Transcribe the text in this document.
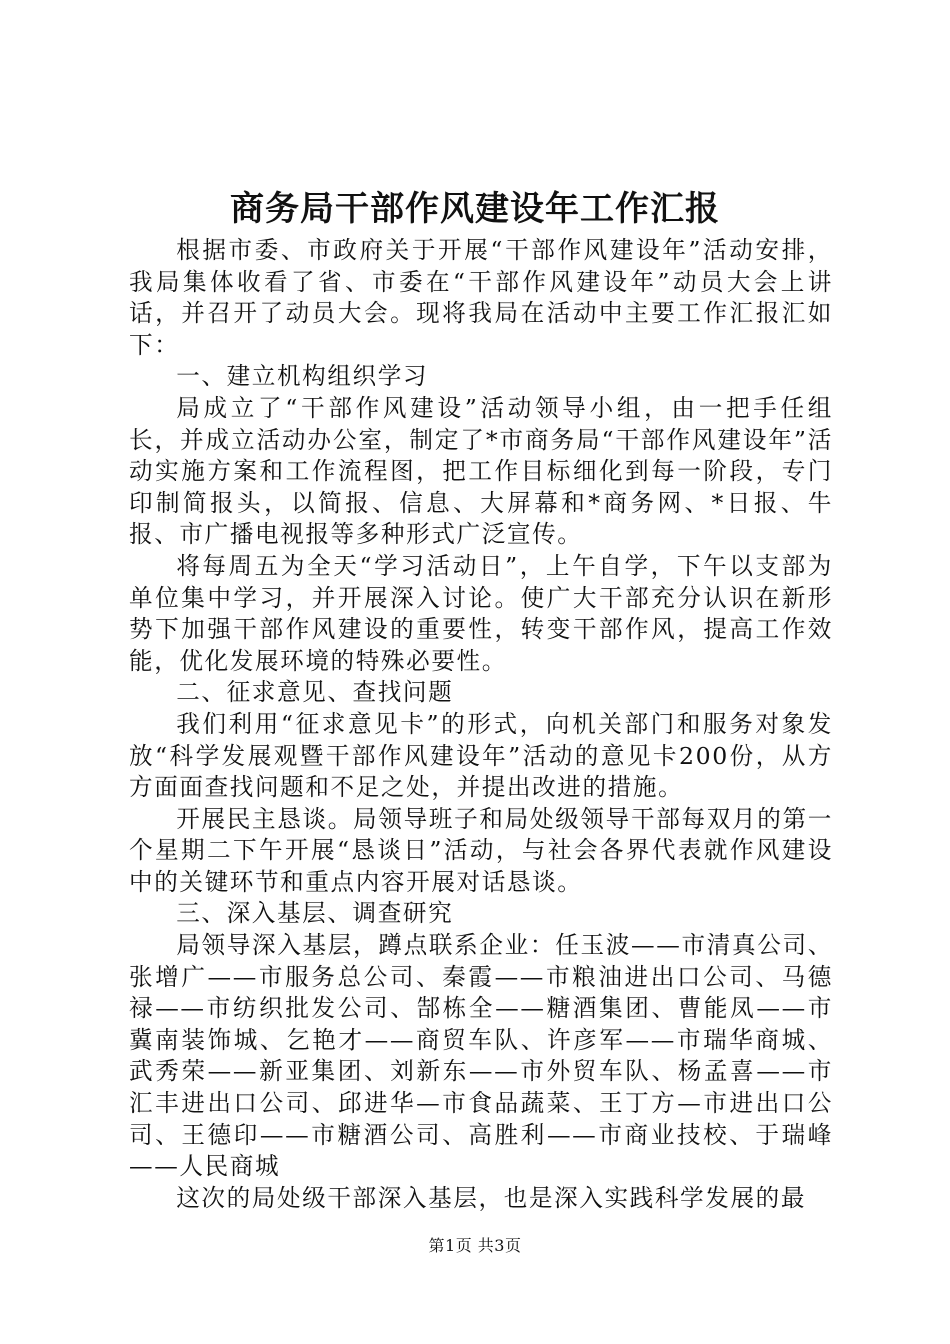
商务局干部作风建设年工作汇报

根据市委、市政府关于开展“干部作风建设年”活动安排，我局集体收看了省、市委在“干部作风建设年”动员大会上讲话，并召开了动员大会。现将我局在活动中主要工作汇报汇如下：

一、建立机构组织学习

局成立了“干部作风建设”活动领导小组，由一把手任组长，并成立活动办公室，制定了*市商务局“干部作风建设年”活动实施方案和工作流程图，把工作目标细化到每一阶段，专门印制简报头，以简报、信息、大屏幕和*商务网、*日报、牛报、市广播电视报等多种形式广泛宣传。

将每周五为全天“学习活动日”，上午自学，下午以支部为单位集中学习，并开展深入讨论。使广大干部充分认识在新形势下加强干部作风建设的重要性，转变干部作风，提高工作效能，优化发展环境的特殊必要性。

二、征求意见、查找问题

我们利用“征求意见卡”的形式，向机关部门和服务对象发放“科学发展观暨干部作风建设年”活动的意见卡200份，从方方面面查找问题和不足之处，并提出改进的措施。

开展民主恳谈。局领导班子和局处级领导干部每双月的第一个星期二下午开展“恳谈日”活动，与社会各界代表就作风建设中的关键环节和重点内容开展对话恳谈。

三、深入基层、调查研究

局领导深入基层，蹲点联系企业：任玉波——市清真公司、张增广——市服务总公司、秦霞——市粮油进出口公司、马德禄——市纺织批发公司、郜栋全——糖酒集团、曹能凤——市冀南装饰城、乞艳才——商贸车队、许彦军——市瑞华商城、武秀荣——新亚集团、刘新东——市外贸车队、杨孟喜——市汇丰进出口公司、邱进华—市食品蔬菜、王丁方—市进出口公司、王德印——市糖酒公司、高胜利——市商业技校、于瑞峰——人民商城

这次的局处级干部深入基层，也是深入实践科学发展的最

第1页 共3页
